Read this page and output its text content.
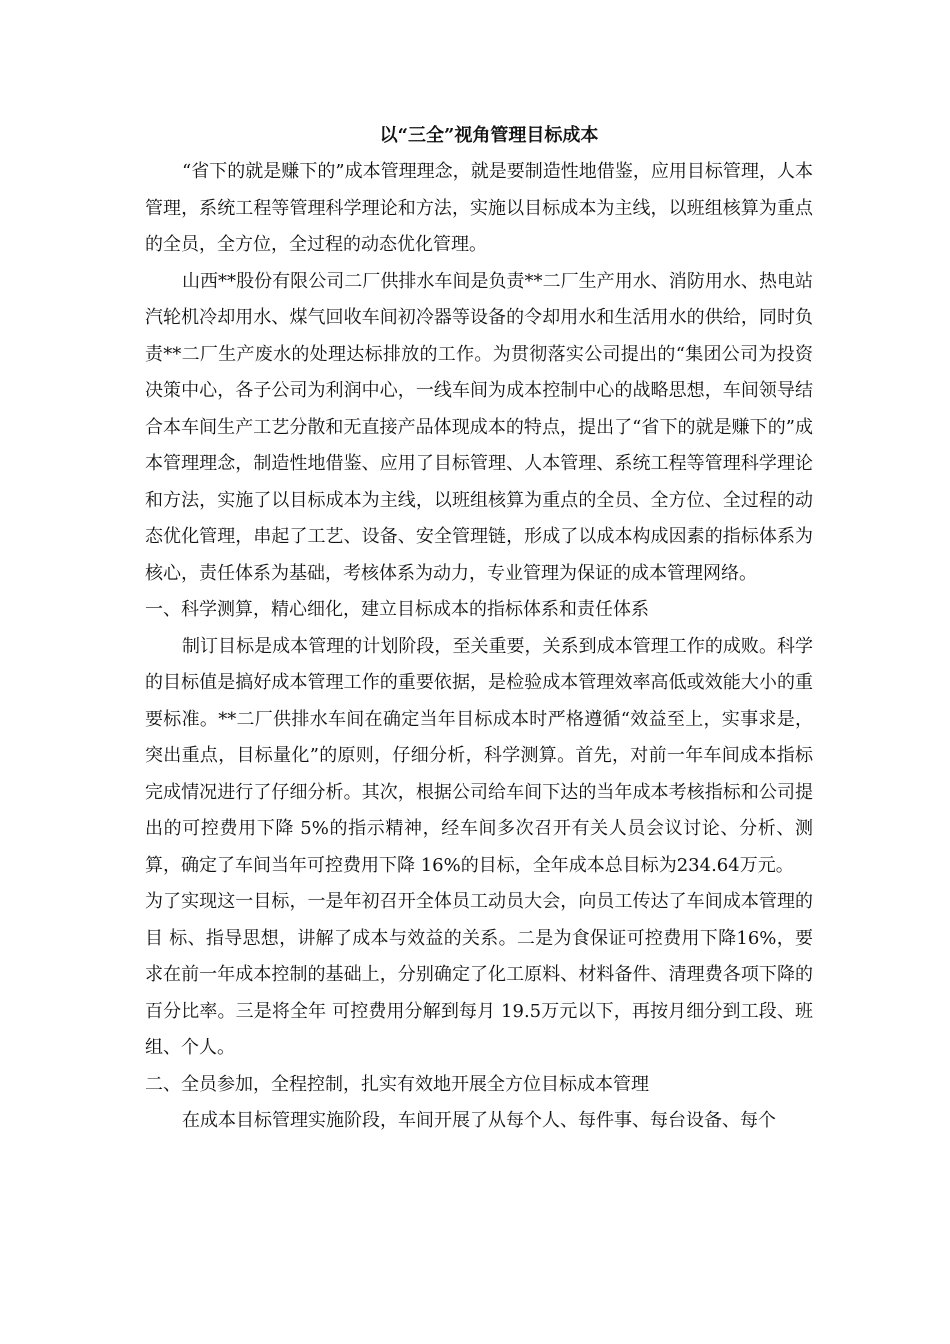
以“三全”视角管理目标成本

“省下的就是赚下的”成本管理理念，就是要制造性地借鉴，应用目标管理，人本管理，系统工程等管理科学理论和方法，实施以目标成本为主线，以班组核算为重点的全员，全方位，全过程的动态优化管理。

山西**股份有限公司二厂供排水车间是负责**二厂生产用水、消防用水、热电站汽轮机冷却用水、煤气回收车间初冷器等设备的令却用水和生活用水的供给，同时负责**二厂生产废水的处理达标排放的工作。为贯彻落实公司提出的“集团公司为投资决策中心，各子公司为利润中心，一线车间为成本控制中心的战略思想，车间领导结合本车间生产工艺分散和无直接产品体现成本的特点，提出了“省下的就是赚下的”成本管理理念，制造性地借鉴、应用了目标管理、人本管理、系统工程等管理科学理论和方法，实施了以目标成本为主线，以班组核算为重点的全员、全方位、全过程的动态优化管理，串起了工艺、设备、安全管理链，形成了以成本构成因素的指标体系为核心，责任体系为基础，考核体系为动力，专业管理为保证的成本管理网络。

一、科学测算，精心细化，建立目标成本的指标体系和责任体系

制订目标是成本管理的计划阶段，至关重要，关系到成本管理工作的成败。科学的目标值是搞好成本管理工作的重要依据，是检验成本管理效率高低或效能大小的重要标准。**二厂供排水车间在确定当年目标成本时严格遵循“效益至上，实事求是，突出重点，目标量化”的原则，仔细分析，科学测算。首先，对前一年车间成本指标完成情况进行了仔细分析。其次，根据公司给车间下达的当年成本考核指标和公司提出的可控费用下降 5%的指示精神，经车间多次召开有关人员会议讨论、分析、测算，确定了车间当年可控费用下降 16%的目标，全年成本总目标为234.64万元。

为了实现这一目标，一是年初召开全体员工动员大会，向员工传达了车间成本管理的目 标、指导思想，讲解了成本与效益的关系。二是为食保证可控费用下降16%，要求在前一年成本控制的基础上，分别确定了化工原料、材料备件、清理费各项下降的百分比率。三是将全年 可控费用分解到每月 19.5万元以下，再按月细分到工段、班组、个人。

二、全员参加，全程控制，扎实有效地开展全方位目标成本管理

在成本目标管理实施阶段，车间开展了从每个人、每件事、每台设备、每个
